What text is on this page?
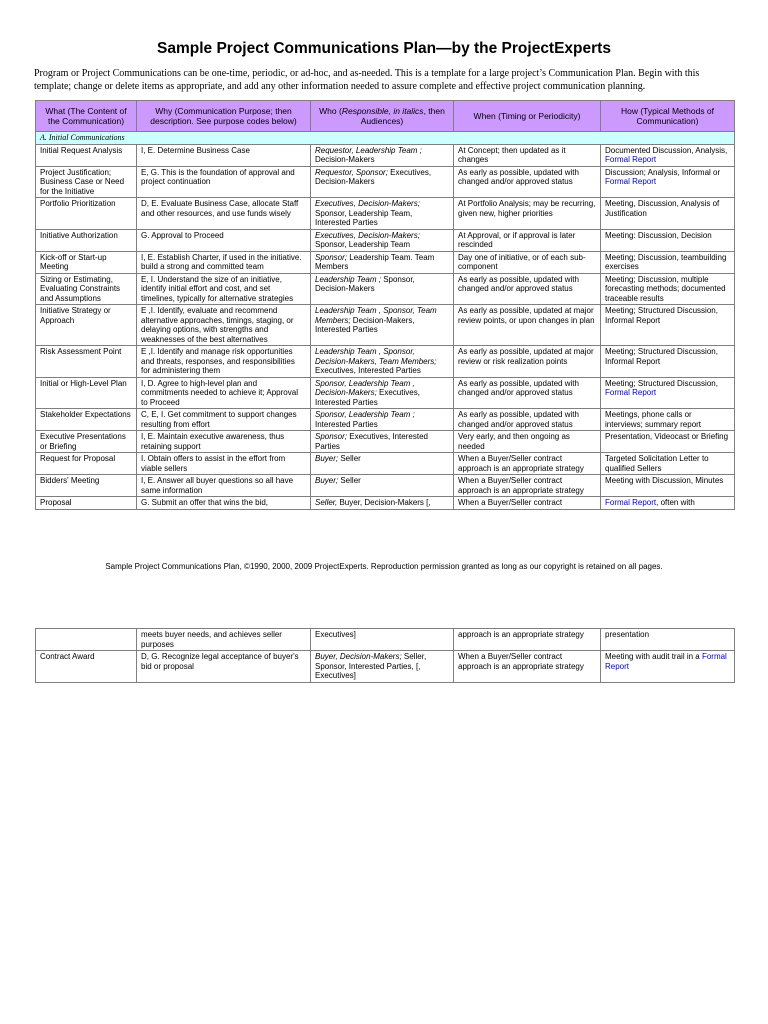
Sample Project Communications Plan—by the ProjectExperts
Program or Project Communications can be one-time, periodic, or ad-hoc, and as-needed. This is a template for a large project’s Communication Plan. Begin with this template; change or delete items as appropriate, and add any other information needed to assure complete and effective project communication planning.
What (The Content of the Communication)	Why (Communication Purpose; then description. See purpose codes below)	Who (Responsible, in italics, then Audiences)	When (Timing or Periodicity)	How (Typical Methods of Communication)
A. Initial Communications				
Initial Request Analysis	I, E. Determine Business Case	Requestor, Leadership Team ; Decision-Makers	At Concept; then updated as it changes	Documented Discussion, Analysis, Formal Report
Project Justification; Business Case or Need for the Initiative	E, G. This is the foundation of approval and project continuation	Requestor, Sponsor; Executives, Decision-Makers	As early as possible, updated with changed and/or approved status	Discussion; Analysis, Informal or Formal Report
Portfolio Prioritization	D, E. Evaluate Business Case, allocate Staff and other resources, and use funds wisely	Executives, Decision-Makers; Sponsor, Leadership Team, Interested Parties	At Portfolio Analysis; may be recurring, given new, higher priorities	Meeting, Discussion, Analysis of Justification
Initiative Authorization	G. Approval to Proceed	Executives, Decision-Makers; Sponsor, Leadership Team	At Approval, or if approval is later rescinded	Meeting: Discussion, Decision
Kick-off or Start-up Meeting	I, E. Establish Charter, if used in the initiative. build a strong and committed team	Sponsor; Leadership Team. Team Members	Day one of initiative, or of each sub-component	Meeting; Discussion, teambuilding exercises
Sizing or Estimating, Evaluating Constraints and Assumptions	E, I. Understand the size of an initiative, identify initial effort and cost, and set timelines, typically for alternative strategies	Leadership Team ; Sponsor, Decision-Makers	As early as possible, updated with changed and/or approved status	Meeting; Discussion, multiple forecasting methods; documented traceable results
Initiative Strategy or Approach	E ,I. Identify, evaluate and recommend alternative approaches, timings, staging, or delaying options, with strengths and weaknesses of the best alternatives	Leadership Team , Sponsor, Team Members; Decision-Makers, Interested Parties	As early as possible, updated at major review points, or upon changes in plan	Meeting; Structured Discussion, Informal Report
Risk Assessment Point	E ,I. Identify and manage risk opportunities and threats, responses, and responsibilities for administering them	Leadership Team , Sponsor, Decision-Makers, Team Members; Executives, Interested Parties	As early as possible, updated at major review or risk realization points	Meeting; Structured Discussion, Informal Report
Initial or High-Level Plan	I, D. Agree to high-level plan and commitments needed to achieve it; Approval to Proceed	Sponsor, Leadership Team , Decision-Makers; Executives, Interested Parties	As early as possible, updated with changed and/or approved status	Meeting; Structured Discussion, Formal Report
Stakeholder Expectations	C, E, I. Get commitment to support changes resulting from effort	Sponsor, Leadership Team ; Interested Parties	As early as possible, updated with changed and/or approved status	Meetings, phone calls or interviews; summary report
Executive Presentations or Briefing	I, E. Maintain executive awareness, thus retaining support	Sponsor; Executives, Interested Parties	Very early, and then ongoing as needed	Presentation, Videocast or Briefing
Request for Proposal	I. Obtain offers to assist in the effort from viable sellers	Buyer; Seller	When a Buyer/Seller contract approach is an appropriate strategy	Targeted Solicitation Letter to qualified Sellers
Bidders' Meeting	I, E. Answer all buyer questions so all have same information	Buyer; Seller	When a Buyer/Seller contract approach is an appropriate strategy	Meeting with Discussion, Minutes
Proposal	G. Submit an offer that wins the bid,	Seller, Buyer, Decision-Makers [,	When a Buyer/Seller contract	Formal Report, often with
Sample Project Communications Plan, ©1990, 2000, 2009 ProjectExperts. Reproduction permission granted as long as our copyright is retained on all pages.
	meets buyer needs, and achieves seller purposes	Executives]	approach is an appropriate strategy	presentation
Contract Award	D, G. Recognize legal acceptance of buyer's bid or proposal	Buyer, Decision-Makers; Seller, Sponsor, Interested Parties, [, Executives]	When a Buyer/Seller contract approach is an appropriate strategy	Meeting with audit trail in a Formal Report
